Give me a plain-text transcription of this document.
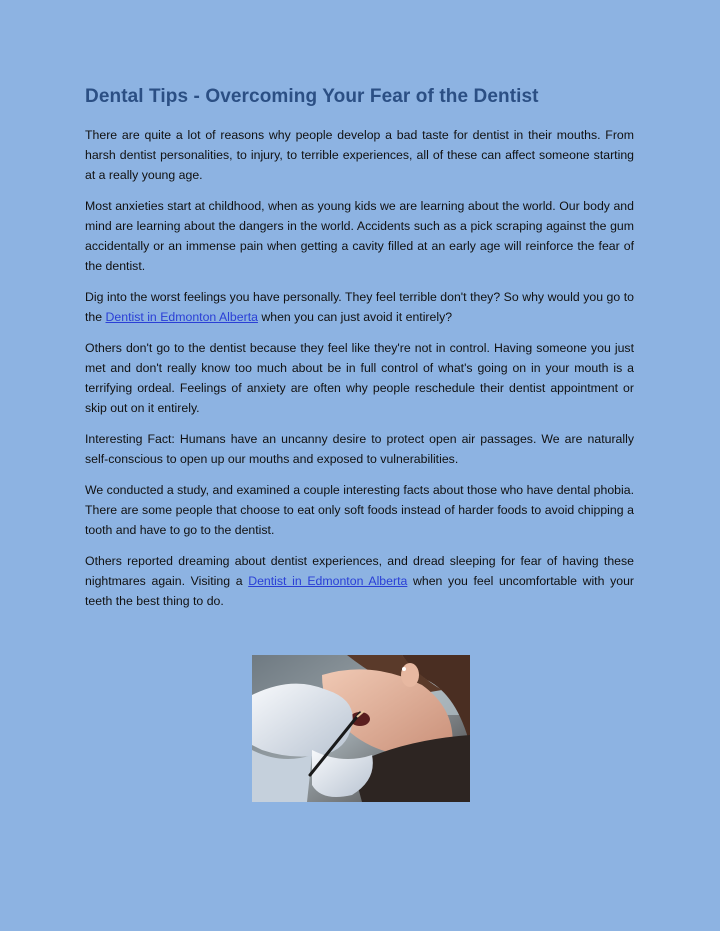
Dental Tips - Overcoming Your Fear of the Dentist

There are quite a lot of reasons why people develop a bad taste for dentist in their mouths. From harsh dentist personalities, to injury, to terrible experiences, all of these can affect someone starting at a really young age.

Most anxieties start at childhood, when as young kids we are learning about the world. Our body and mind are learning about the dangers in the world. Accidents such as a pick scraping against the gum accidentally or an immense pain when getting a cavity filled at an early age will reinforce the fear of the dentist.

Dig into the worst feelings you have personally. They feel terrible don't they? So why would you go to the Dentist in Edmonton Alberta when you can just avoid it entirely?

Others don't go to the dentist because they feel like they're not in control. Having someone you just met and don't really know too much about be in full control of what's going on in your mouth is a terrifying ordeal. Feelings of anxiety are often why people reschedule their dentist appointment or skip out on it entirely.

Interesting Fact: Humans have an uncanny desire to protect open air passages. We are naturally self-conscious to open up our mouths and exposed to vulnerabilities.

We conducted a study, and examined a couple interesting facts about those who have dental phobia. There are some people that choose to eat only soft foods instead of harder foods to avoid chipping a tooth and have to go to the dentist.

Others reported dreaming about dentist experiences, and dread sleeping for fear of having these nightmares again. Visiting a Dentist in Edmonton Alberta when you feel uncomfortable with your teeth the best thing to do.
